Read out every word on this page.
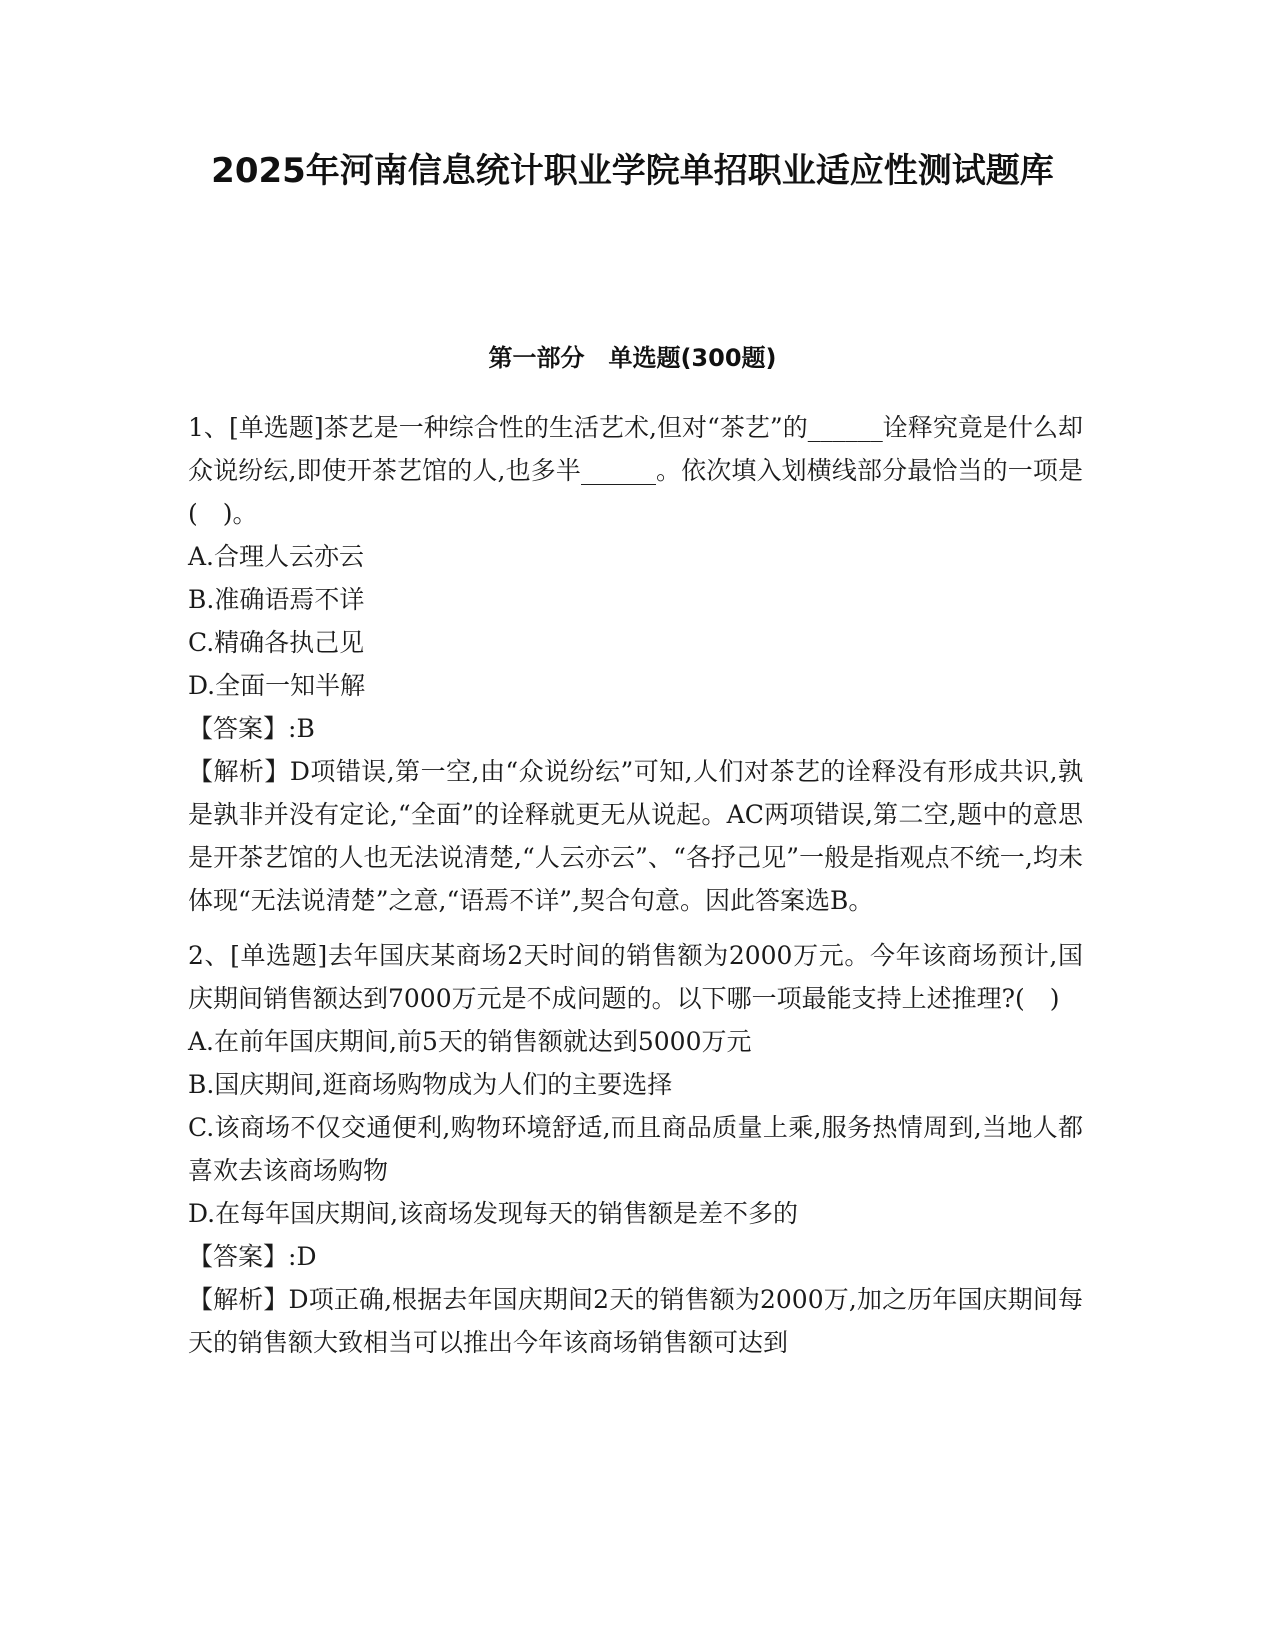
2025年河南信息统计职业学院单招职业适应性测试题库
第一部分　单选题(300题)

1、[单选题]茶艺是一种综合性的生活艺术,但对“茶艺”的______诠释究竟是什么却众说纷纭,即使开茶艺馆的人,也多半______。依次填入划横线部分最恰当的一项是(　)。

A.合理人云亦云

B.准确语焉不详

C.精确各执己见

D.全面一知半解

【答案】:B

【解析】D项错误,第一空,由“众说纷纭”可知,人们对茶艺的诠释没有形成共识,孰是孰非并没有定论,“全面”的诠释就更无从说起。AC两项错误,第二空,题中的意思是开茶艺馆的人也无法说清楚,“人云亦云”、“各抒己见”一般是指观点不统一,均未体现“无法说清楚”之意,“语焉不详”,契合句意。因此答案选B。

2、[单选题]去年国庆某商场2天时间的销售额为2000万元。今年该商场预计,国庆期间销售额达到7000万元是不成问题的。以下哪一项最能支持上述推理?(　)

A.在前年国庆期间,前5天的销售额就达到5000万元

B.国庆期间,逛商场购物成为人们的主要选择

C.该商场不仅交通便利,购物环境舒适,而且商品质量上乘,服务热情周到,当地人都喜欢去该商场购物

D.在每年国庆期间,该商场发现每天的销售额是差不多的

【答案】:D

【解析】D项正确,根据去年国庆期间2天的销售额为2000万,加之历年国庆期间每天的销售额大致相当可以推出今年该商场销售额可达到
